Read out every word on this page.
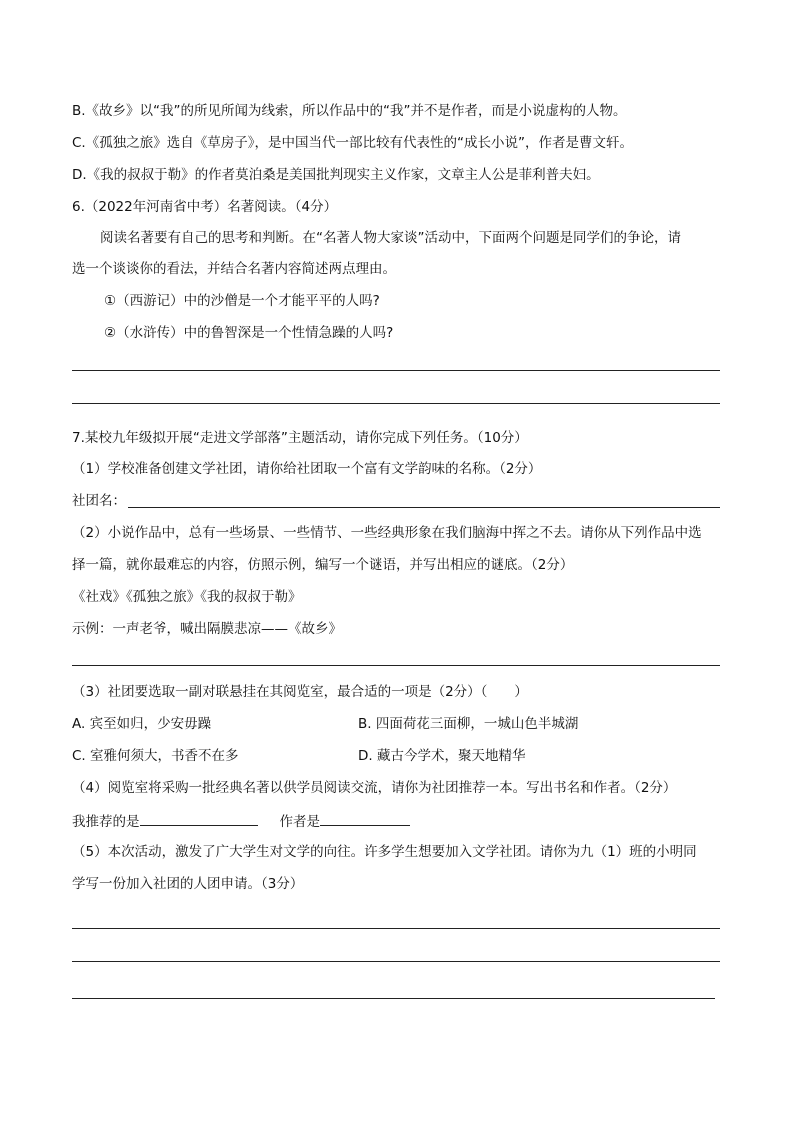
B.《故乡》以“我”的所见所闻为线索，所以作品中的“我”并不是作者，而是小说虚构的人物。
C.《孤独之旅》选自《草房子》，是中国当代一部比较有代表性的“成长小说”，作者是曹文轩。
D.《我的叔叔于勒》的作者莫泊桑是美国批判现实主义作家，文章主人公是菲利普夫妇。
6.（2022年河南省中考）名著阅读。（4分）
阅读名著要有自己的思考和判断。在“名著人物大家谈”活动中，下面两个问题是同学们的争论，请
选一个谈谈你的看法，并结合名著内容简述两点理由。
①（西游记）中的沙僧是一个才能平平的人吗?
②（水浒传）中的鲁智深是一个性情急躁的人吗?
7.某校九年级拟开展“走进文学部落”主题活动，请你完成下列任务。（10分）
（1）学校准备创建文学社团，请你给社团取一个富有文学韵味的名称。（2分）
社团名：
（2）小说作品中，总有一些场景、一些情节、一些经典形象在我们脑海中挥之不去。请你从下列作品中选
择一篇，就你最难忘的内容，仿照示例，编写一个谜语，并写出相应的谜底。（2分）
《社戏》《孤独之旅》《我的叔叔于勒》
示例：一声老爷，喊出隔膜悲凉——《故乡》
（3）社团要选取一副对联悬挂在其阅览室，最合适的一项是（2分）（　　）
A. 宾至如归，少安毋躁	B. 四面荷花三面柳，一城山色半城湖
C. 室雅何须大，书香不在多	D. 藏古今学术，聚天地精华
（4）阅览室将采购一批经典名著以供学员阅读交流，请你为社团推荐一本。写出书名和作者。（2分）
我推荐的是	作者是
（5）本次活动，激发了广大学生对文学的向往。许多学生想要加入文学社团。请你为九（1）班的小明同
学写一份加入社团的人团申请。（3分）
